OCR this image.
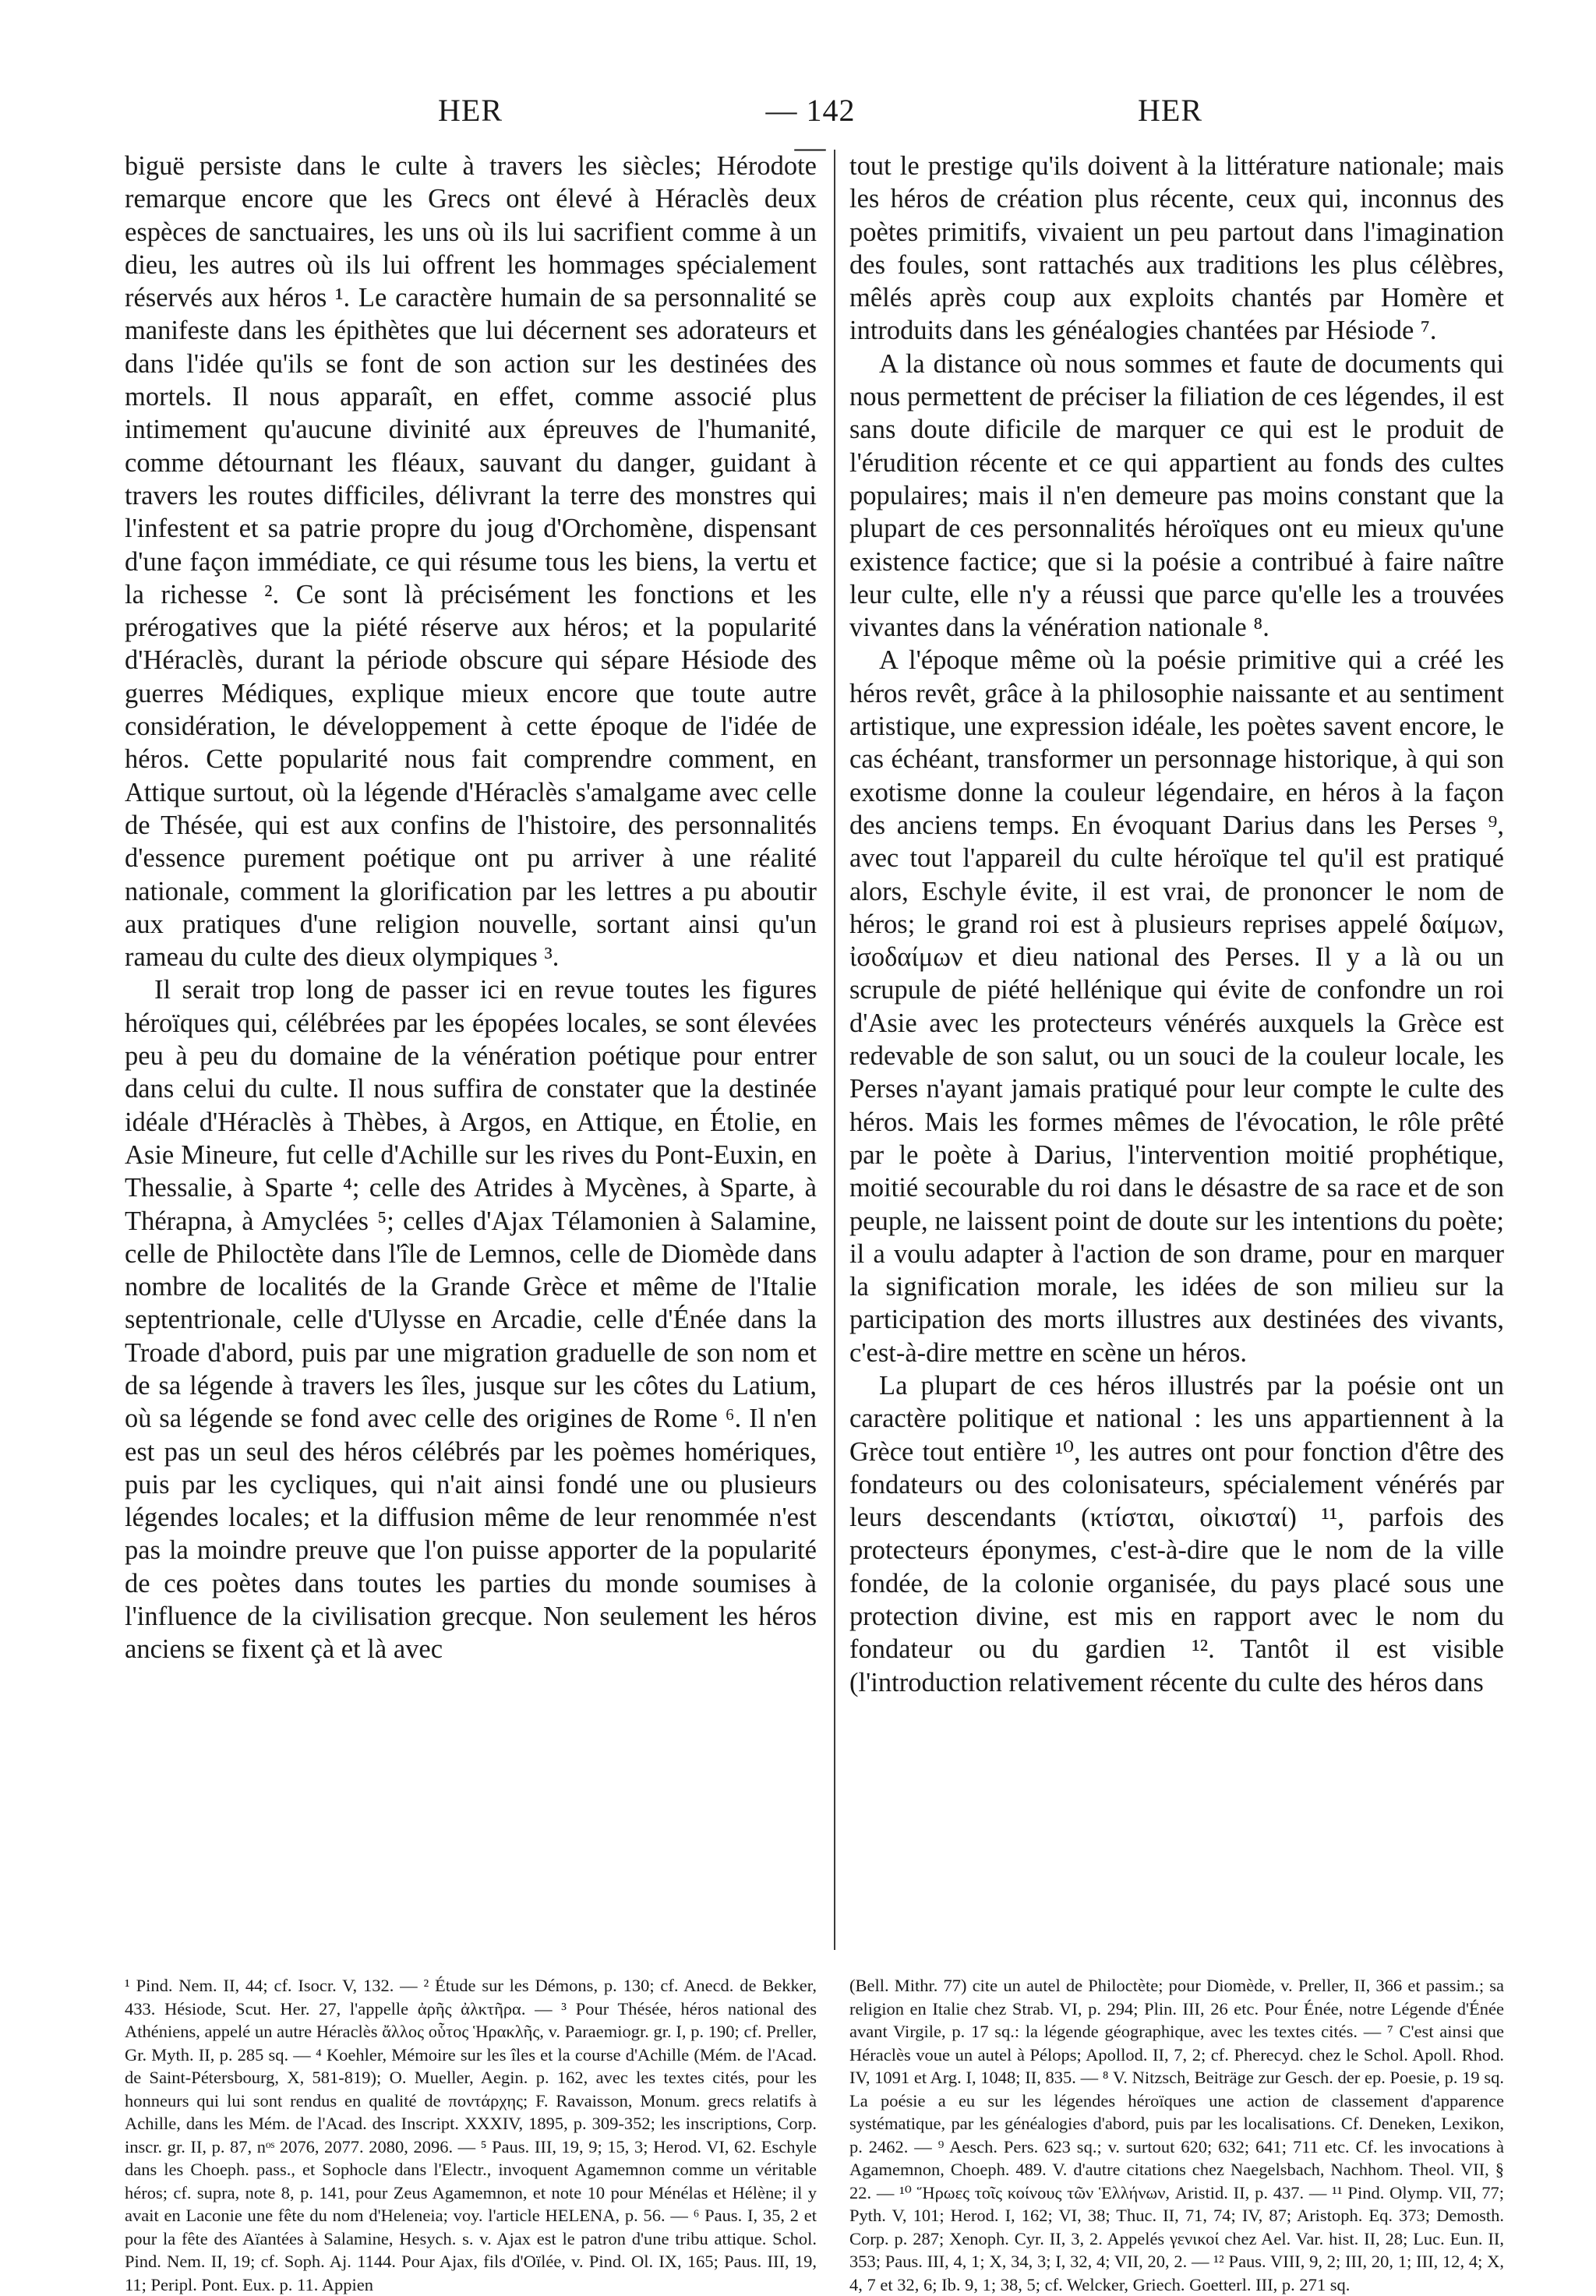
HER	— 142 —
HER

biguë persiste dans le culte à travers les siècles; Hérodote remarque encore que les Grecs ont élevé à Héraclès deux espèces de sanctuaires, les uns où ils lui sacrifient comme à un dieu, les autres où ils lui offrent les hommages spécialement réservés aux héros ¹. Le caractère humain de sa personnalité se manifeste dans les épithètes que lui décernent ses adorateurs et dans l'idée qu'ils se font de son action sur les destinées des mortels. Il nous apparaît, en effet, comme associé plus intimement qu'aucune divinité aux épreuves de l'humanité, comme détournant les fléaux, sauvant du danger, guidant à travers les routes difficiles, délivrant la terre des monstres qui l'infestent et sa patrie propre du joug d'Orchomène, dispensant d'une façon immédiate, ce qui résume tous les biens, la vertu et la richesse ². Ce sont là précisément les fonctions et les prérogatives que la piété réserve aux héros; et la popularité d'Héraclès, durant la période obscure qui sépare Hésiode des guerres Médiques, explique mieux encore que toute autre considération, le développement à cette époque de l'idée de héros. Cette popularité nous fait comprendre comment, en Attique surtout, où la légende d'Héraclès s'amalgame avec celle de Thésée, qui est aux confins de l'histoire, des personnalités d'essence purement poétique ont pu arriver à une réalité nationale, comment la glorification par les lettres a pu aboutir aux pratiques d'une religion nouvelle, sortant ainsi qu'un rameau du culte des dieux olympiques ³.

Il serait trop long de passer ici en revue toutes les figures héroïques qui, célébrées par les épopées locales, se sont élevées peu à peu du domaine de la vénération poétique pour entrer dans celui du culte. Il nous suffira de constater que la destinée idéale d'Héraclès à Thèbes, à Argos, en Attique, en Étolie, en Asie Mineure, fut celle d'Achille sur les rives du Pont-Euxin, en Thessalie, à Sparte ⁴; celle des Atrides à Mycènes, à Sparte, à Thérapna, à Amyclées ⁵; celles d'Ajax Télamonien à Salamine, celle de Philoctète dans l'île de Lemnos, celle de Diomède dans nombre de localités de la Grande Grèce et même de l'Italie septentrionale, celle d'Ulysse en Arcadie, celle d'Énée dans la Troade d'abord, puis par une migration graduelle de son nom et de sa légende à travers les îles, jusque sur les côtes du Latium, où sa légende se fond avec celle des origines de Rome ⁶. Il n'en est pas un seul des héros célébrés par les poèmes homériques, puis par les cycliques, qui n'ait ainsi fondé une ou plusieurs légendes locales; et la diffusion même de leur renommée n'est pas la moindre preuve que l'on puisse apporter de la popularité de ces poètes dans toutes les parties du monde soumises à l'influence de la civilisation grecque. Non seulement les héros anciens se fixent çà et là avec

tout le prestige qu'ils doivent à la littérature nationale; mais les héros de création plus récente, ceux qui, inconnus des poètes primitifs, vivaient un peu partout dans l'imagination des foules, sont rattachés aux traditions les plus célèbres, mêlés après coup aux exploits chantés par Homère et introduits dans les généalogies chantées par Hésiode ⁷.

A la distance où nous sommes et faute de documents qui nous permettent de préciser la filiation de ces légendes, il est sans doute dificile de marquer ce qui est le produit de l'érudition récente et ce qui appartient au fonds des cultes populaires; mais il n'en demeure pas moins constant que la plupart de ces personnalités héroïques ont eu mieux qu'une existence factice; que si la poésie a contribué à faire naître leur culte, elle n'y a réussi que parce qu'elle les a trouvées vivantes dans la vénération nationale ⁸.

A l'époque même où la poésie primitive qui a créé les héros revêt, grâce à la philosophie naissante et au sentiment artistique, une expression idéale, les poètes savent encore, le cas échéant, transformer un personnage historique, à qui son exotisme donne la couleur légendaire, en héros à la façon des anciens temps. En évoquant Darius dans les Perses ⁹, avec tout l'appareil du culte héroïque tel qu'il est pratiqué alors, Eschyle évite, il est vrai, de prononcer le nom de héros; le grand roi est à plusieurs reprises appelé δαίμων, ἰσοδαίμων et dieu national des Perses. Il y a là ou un scrupule de piété hellénique qui évite de confondre un roi d'Asie avec les protecteurs vénérés auxquels la Grèce est redevable de son salut, ou un souci de la couleur locale, les Perses n'ayant jamais pratiqué pour leur compte le culte des héros. Mais les formes mêmes de l'évocation, le rôle prêté par le poète à Darius, l'intervention moitié prophétique, moitié secourable du roi dans le désastre de sa race et de son peuple, ne laissent point de doute sur les intentions du poète; il a voulu adapter à l'action de son drame, pour en marquer la signification morale, les idées de son milieu sur la participation des morts illustres aux destinées des vivants, c'est-à-dire mettre en scène un héros.

La plupart de ces héros illustrés par la poésie ont un caractère politique et national : les uns appartiennent à la Grèce tout entière ¹⁰, les autres ont pour fonction d'être des fondateurs ou des colonisateurs, spécialement vénérés par leurs descendants (κτίσται, οἰκισταί) ¹¹, parfois des protecteurs éponymes, c'est-à-dire que le nom de la ville fondée, de la colonie organisée, du pays placé sous une protection divine, est mis en rapport avec le nom du fondateur ou du gardien ¹². Tantôt il est visible (l'introduction relativement récente du culte des héros dans

¹ Pind. Nem. II, 44; cf. Isocr. V, 132. — ² Étude sur les Démons, p. 130; cf. Anecd. de Bekker, 433. Hésiode, Scut. Her. 27, l'appelle ἀρῆς ἀλκτῆρα. — ³ Pour Thésée, héros national des Athéniens, appelé un autre Héraclès ἄλλος οὗτος Ἡρακλῆς, v. Paraemiogr. gr. I, p. 190; cf. Preller, Gr. Myth. II, p. 285 sq. — ⁴ Koehler, Mémoire sur les îles et la course d'Achille (Mém. de l'Acad. de Saint-Pétersbourg, X, 581-819); O. Mueller, Aegin. p. 162, avec les textes cités, pour les honneurs qui lui sont rendus en qualité de ποντάρχης; F. Ravaisson, Monum. grecs relatifs à Achille, dans les Mém. de l'Acad. des Inscript. XXXIV, 1895, p. 309-352; les inscriptions, Corp. inscr. gr. II, p. 87, nᵒˢ 2076, 2077. 2080, 2096. — ⁵ Paus. III, 19, 9; 15, 3; Herod. VI, 62. Eschyle dans les Choeph. pass., et Sophocle dans l'Electr., invoquent Agamemnon comme un véritable héros; cf. supra, note 8, p. 141, pour Zeus Agamemnon, et note 10 pour Ménélas et Hélène; il y avait en Laconie une fête du nom d'Heleneia; voy. l'article HELENA, p. 56. — ⁶ Paus. I, 35, 2 et pour la fête des Aïantées à Salamine, Hesych. s. v. Ajax est le patron d'une tribu attique. Schol. Pind. Nem. II, 19; cf. Soph. Aj. 1144. Pour Ajax, fils d'Oïlée, v. Pind. Ol. IX, 165; Paus. III, 19, 11; Peripl. Pont. Eux. p. 11. Appien
(Bell. Mithr. 77) cite un autel de Philoctète; pour Diomède, v. Preller, II, 366 et passim.; sa religion en Italie chez Strab. VI, p. 294; Plin. III, 26 etc. Pour Énée, notre Légende d'Énée avant Virgile, p. 17 sq.: la légende géographique, avec les textes cités. — ⁷ C'est ainsi que Héraclès voue un autel à Pélops; Apollod. II, 7, 2; cf. Pherecyd. chez le Schol. Apoll. Rhod. IV, 1091 et Arg. I, 1048; II, 835. — ⁸ V. Nitzsch, Beiträge zur Gesch. der ep. Poesie, p. 19 sq. La poésie a eu sur les légendes héroïques une action de classement d'apparence systématique, par les généalogies d'abord, puis par les localisations. Cf. Deneken, Lexikon, p. 2462. — ⁹ Aesch. Pers. 623 sq.; v. surtout 620; 632; 641; 711 etc. Cf. les invocations à Agamemnon, Choeph. 489. V. d'autre citations chez Naegelsbach, Nachhom. Theol. VII, § 22. — ¹⁰ Ἥρωες τοῖς κοίνους τῶν Ἑλλήνων, Aristid. II, p. 437. — ¹¹ Pind. Olymp. VII, 77; Pyth. V, 101; Herod. I, 162; VI, 38; Thuc. II, 71, 74; IV, 87; Aristoph. Eq. 373; Demosth. Corp. p. 287; Xenoph. Cyr. II, 3, 2. Appelés γενικοί chez Ael. Var. hist. II, 28; Luc. Eun. II, 353; Paus. III, 4, 1; X, 34, 3; I, 32, 4; VII, 20, 2. — ¹² Paus. VIII, 9, 2; III, 20, 1; III, 12, 4; X, 4, 7 et 32, 6; Ib. 9, 1; 38, 5; cf. Welcker, Griech. Goetterl. III, p. 271 sq.
